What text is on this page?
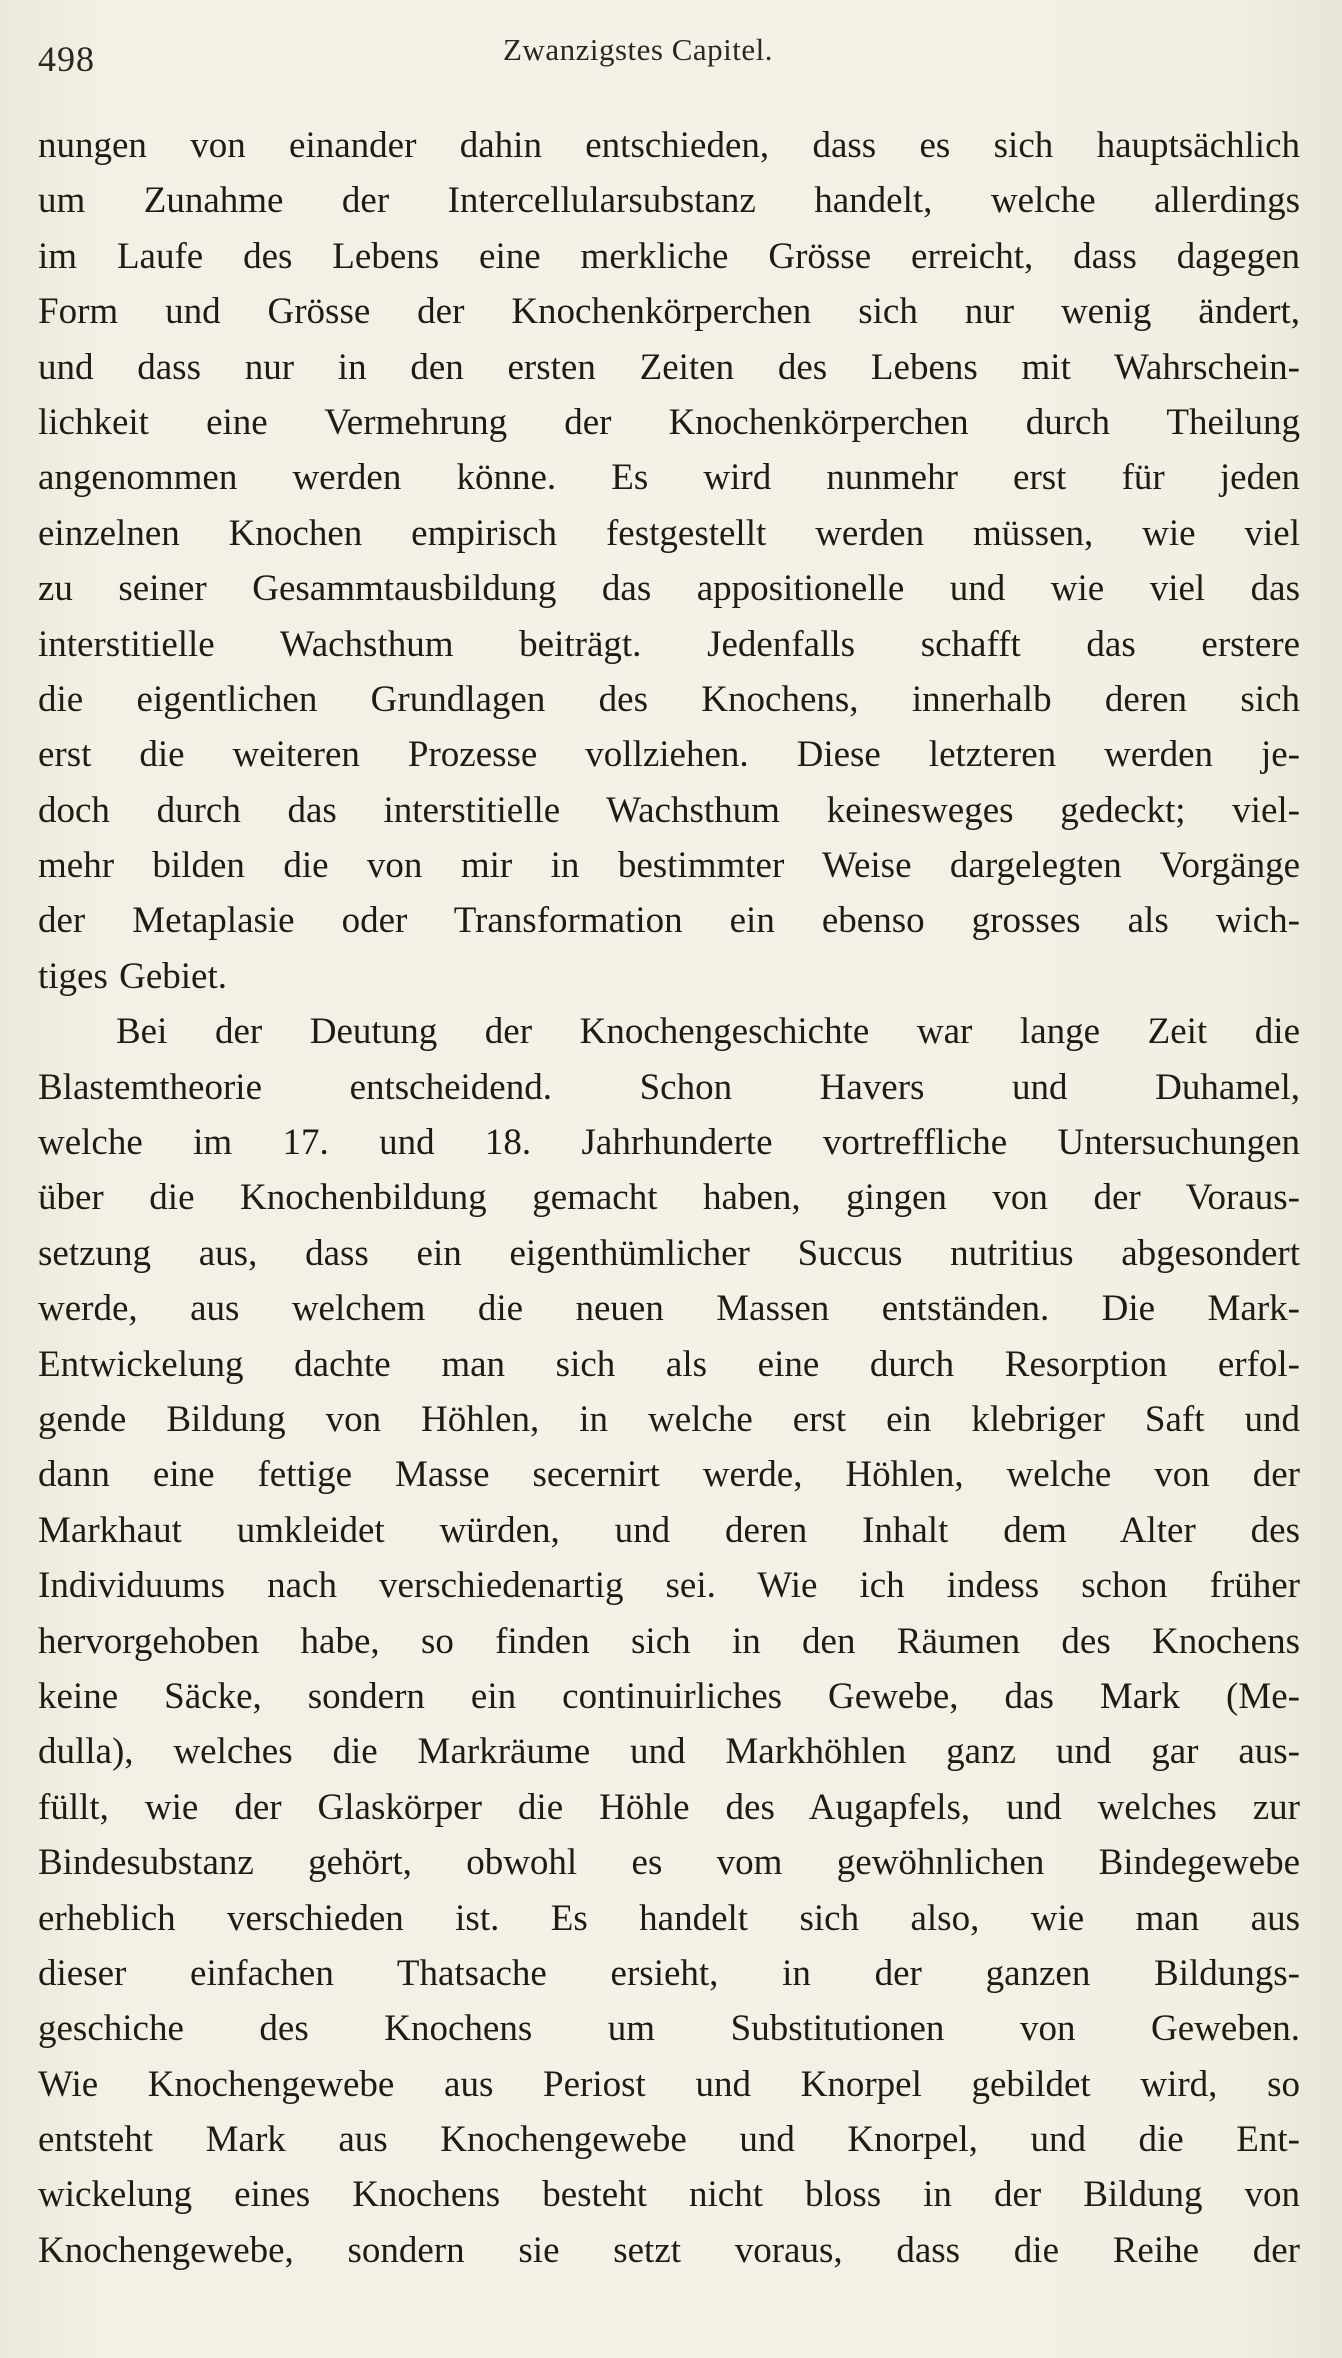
498	Zwanzigstes Capitel.
nungen von einander dahin entschieden, dass es sich hauptsächlich
um Zunahme der Intercellularsubstanz handelt, welche allerdings
im Laufe des Lebens eine merkliche Grösse erreicht, dass dagegen
Form und Grösse der Knochenkörperchen sich nur wenig ändert,
und dass nur in den ersten Zeiten des Lebens mit Wahrschein-
lichkeit eine Vermehrung der Knochenkörperchen durch Theilung
angenommen werden könne. Es wird nunmehr erst für jeden
einzelnen Knochen empirisch festgestellt werden müssen, wie viel
zu seiner Gesammtausbildung das appositionelle und wie viel das
interstitielle Wachsthum beiträgt. Jedenfalls schafft das erstere
die eigentlichen Grundlagen des Knochens, innerhalb deren sich
erst die weiteren Prozesse vollziehen. Diese letzteren werden je-
doch durch das interstitielle Wachsthum keinesweges gedeckt; viel-
mehr bilden die von mir in bestimmter Weise dargelegten Vorgänge
der Metaplasie oder Transformation ein ebenso grosses als wich-
tiges Gebiet.
Bei der Deutung der Knochengeschichte war lange Zeit die
Blastemtheorie entscheidend. Schon Havers und Duhamel,
welche im 17. und 18. Jahrhunderte vortreffliche Untersuchungen
über die Knochenbildung gemacht haben, gingen von der Voraus-
setzung aus, dass ein eigenthümlicher Succus nutritius abgesondert
werde, aus welchem die neuen Massen entständen. Die Mark-
Entwickelung dachte man sich als eine durch Resorption erfol-
gende Bildung von Höhlen, in welche erst ein klebriger Saft und
dann eine fettige Masse secernirt werde, Höhlen, welche von der
Markhaut umkleidet würden, und deren Inhalt dem Alter des
Individuums nach verschiedenartig sei. Wie ich indess schon früher
hervorgehoben habe, so finden sich in den Räumen des Knochens
keine Säcke, sondern ein continuirliches Gewebe, das Mark (Me-
dulla), welches die Markräume und Markhöhlen ganz und gar aus-
füllt, wie der Glaskörper die Höhle des Augapfels, und welches zur
Bindesubstanz gehört, obwohl es vom gewöhnlichen Bindegewebe
erheblich verschieden ist. Es handelt sich also, wie man aus
dieser einfachen Thatsache ersieht, in der ganzen Bildungs-
geschiche des Knochens um Substitutionen von Geweben.
Wie Knochengewebe aus Periost und Knorpel gebildet wird, so
entsteht Mark aus Knochengewebe und Knorpel, und die Ent-
wickelung eines Knochens besteht nicht bloss in der Bildung von
Knochengewebe, sondern sie setzt voraus, dass die Reihe der
